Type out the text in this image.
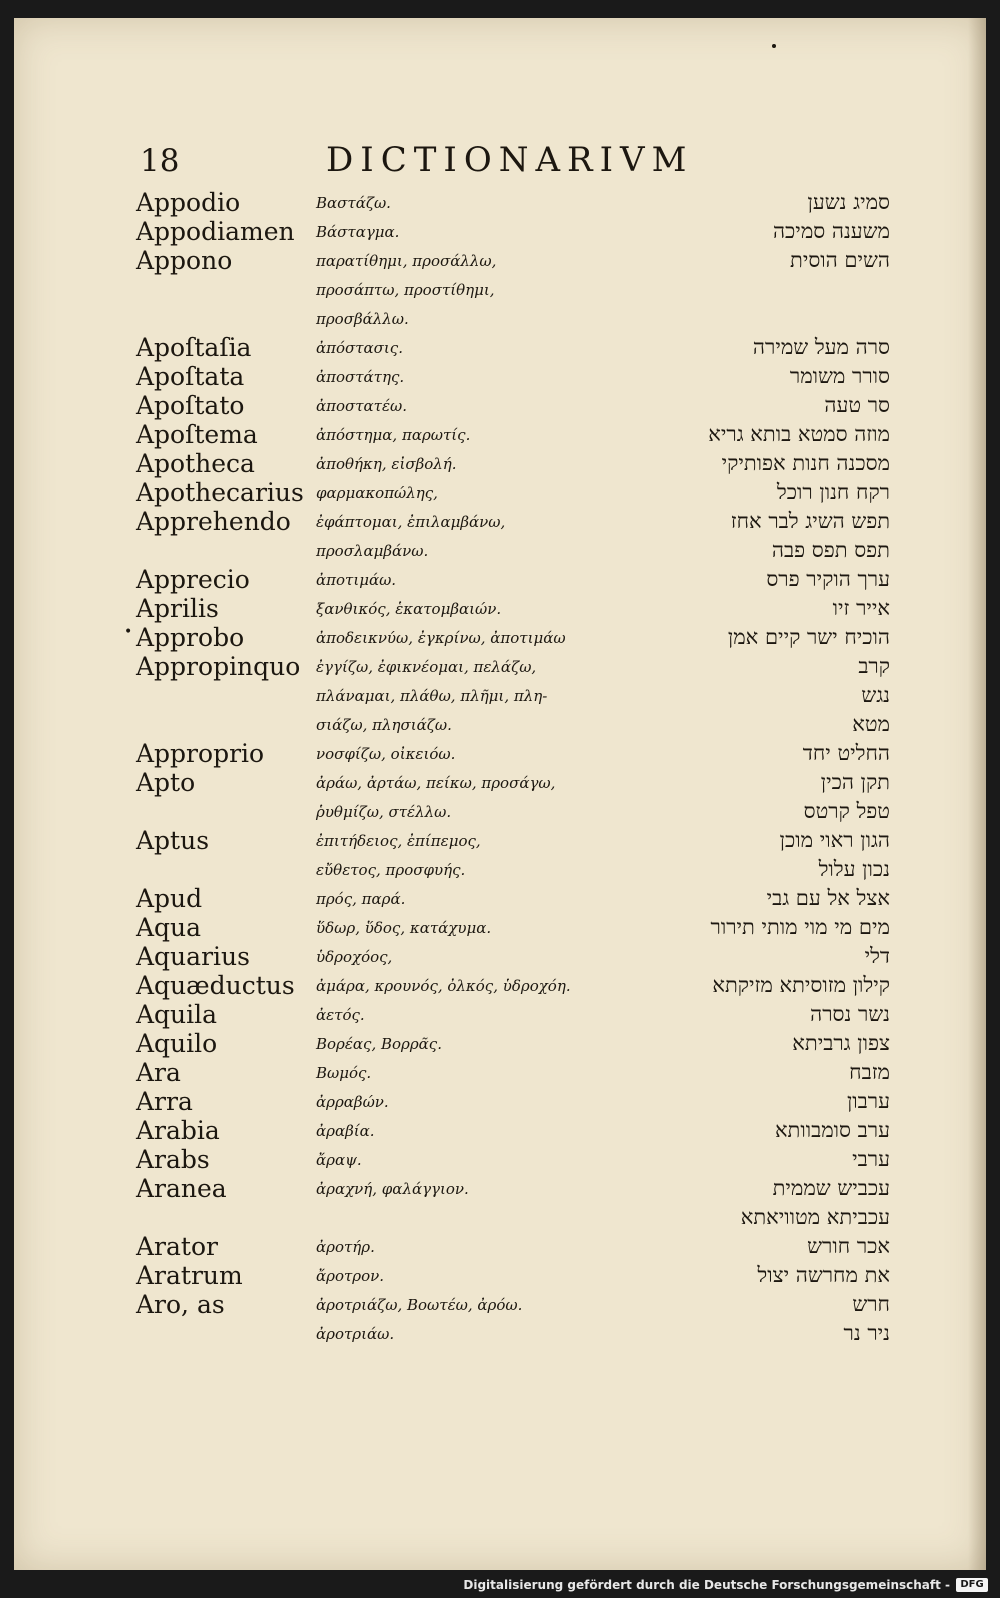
18	DICTIONARIVM
•
Appodio	Βαστάζω.	סמיג נשען
Appodiamen Βάσταγμα.	משענה סמיכה
Appono	παρατίθημι, προσάλλω,	השים הוסית
προσάπτω, προστίθημι,
προσβάλλω.
Apoſtaſia	ἀπόστασις.	סרה מעל שמירה
Apoſtata	ἀποστάτης.	סורר משומר
Apoſtato	ἀποστατέω.	סר טעה
Apoſtema	ἀπόστημα, παρωτίς.	מוזה סמטא בותא גריא
Apotheca	ἀποθήκη, εἰσβολή.	מסכנה חנות אפותיקי
Apothecarius φαρμακοπώλης,	רקח חנון רוכל
Apprehendo ἐφάπτομαι, ἐπιλαμβάνω,	תפש השיג לבר אחז
προσλαμβάνω.	תפס תפס פבה
Apprecio	ἀποτιμάω.	ערך הוקיר פרס
Aprilis	ξανθικός, ἑκατομβαιών.	אייר זיו
Approbo	ἀποδεικνύω, ἐγκρίνω, ἀποτιμάω	הוכיח ישר קיים אמן
Appropinquo ἐγγίζω, ἐφικνέομαι, πελάζω,	קרב
πλάναμαι, πλάθω, πλῆμι, πλη-	נגש
σιάζω, πλησιάζω.	מטא
Approprio	νοσφίζω, οἰκειόω.	החליט יחד
Apto	ἀράω, ἀρτάω, πείκω, προσάγω,	תקן הכין
ῥυθμίζω, στέλλω.	טפל קרטס
Aptus	ἐπιτήδειος, ἐπίπεμος,	הגון ראוי מוכן
εὔθετος, προσφυής.	נכון עלול
Apud	πρός, παρά.	אצל אל עם גבי
Aqua	ὕδωρ, ὕδος, κατάχυμα.	מים מי מוי מותי תירור
Aquarius	ὑδροχόος,	דלי
Aquæductus ἀμάρα, κρουνός, ὀλκός, ὑδροχόη.	קילון מזוסיתא מזיקתא
Aquila	ἀετός.	נשר נסרה
Aquilo	Βορέας, Βορρᾶς.	צפון גרביתא
Ara	Βωμός.	מזבח
Arra	ἀρραβών.	ערבון
Arabia	ἀραβία.	ערב סומבוותא
Arabs	ἄραψ.	ערבי
Aranea	ἀραχνή, φαλάγγιον.	עכביש שממית
עכביתא מטוויאתא
Arator	ἀροτήρ.	אכר חורש
Aratrum	ἄροτρον.	את מחרשה יצול
Aro, as	ἀροτριάζω, Βοωτέω, ἀρόω.	חרש
ἀροτριάω.	ניר נר
Digitalisierung gefördert durch die Deutsche Forschungsgemeinschaft -	DFG
